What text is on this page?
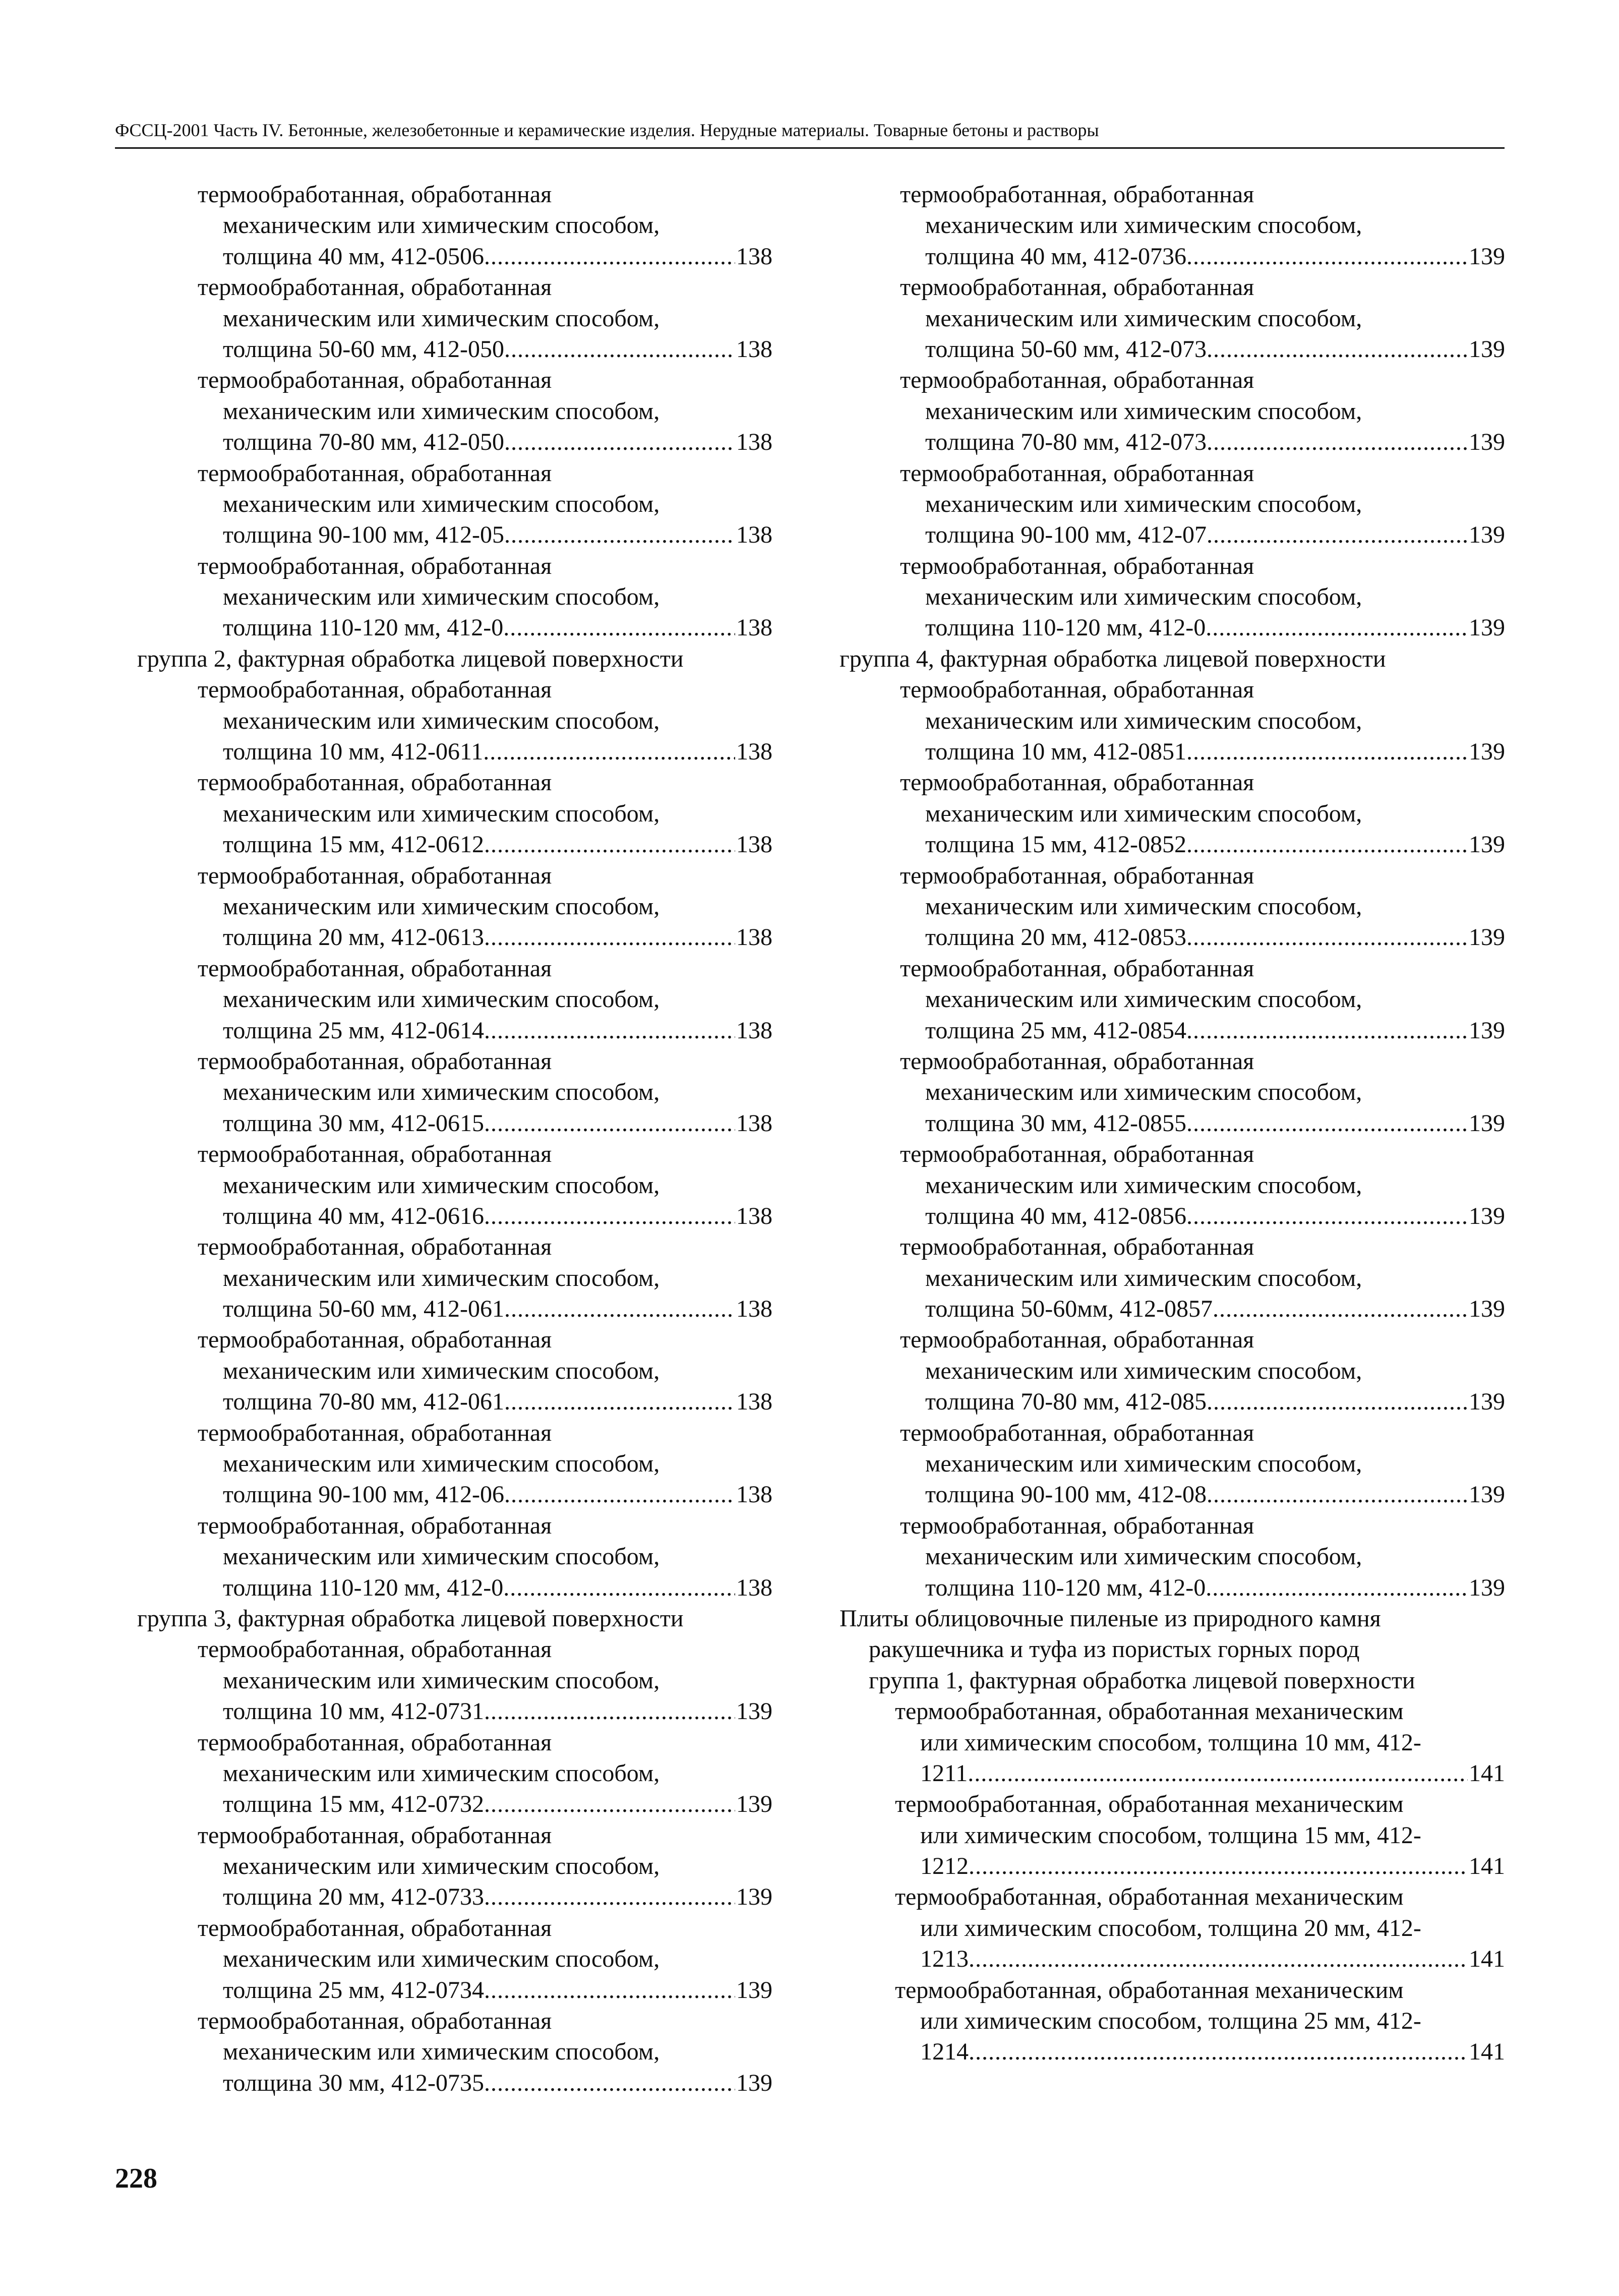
ФССЦ-2001 Часть IV. Бетонные, железобетонные и керамические изделия. Нерудные материалы. Товарные бетоны и растворы
термообработанная, обработанная
механическим или химическим способом,
толщина 40 мм, 412-0506 .....	138
термообработанная, обработанная
механическим или химическим способом,
толщина 50-60 мм, 412-050 .....	138
термообработанная, обработанная
механическим или химическим способом,
толщина 70-80 мм, 412-050 .....	138
термообработанная, обработанная
механическим или химическим способом,
толщина 90-100 мм, 412-05 .....	138
термообработанная, обработанная
механическим или химическим способом,
толщина 110-120 мм, 412-0 .....	138
группа 2, фактурная обработка лицевой поверхности
термообработанная, обработанная
механическим или химическим способом,
толщина 10 мм, 412-0611 .....	138
термообработанная, обработанная
механическим или химическим способом,
толщина 15 мм, 412-0612 .....	138
термообработанная, обработанная
механическим или химическим способом,
толщина 20 мм, 412-0613 .....	138
термообработанная, обработанная
механическим или химическим способом,
толщина 25 мм, 412-0614 .....	138
термообработанная, обработанная
механическим или химическим способом,
толщина 30 мм, 412-0615 .....	138
термообработанная, обработанная
механическим или химическим способом,
толщина 40 мм, 412-0616 .....	138
термообработанная, обработанная
механическим или химическим способом,
толщина 50-60 мм, 412-061 .....	138
термообработанная, обработанная
механическим или химическим способом,
толщина 70-80 мм, 412-061 .....	138
термообработанная, обработанная
механическим или химическим способом,
толщина 90-100 мм, 412-06 .....	138
термообработанная, обработанная
механическим или химическим способом,
толщина 110-120 мм, 412-0 .....	138
группа 3, фактурная обработка лицевой поверхности
термообработанная, обработанная
механическим или химическим способом,
толщина 10 мм, 412-0731 .....	139
термообработанная, обработанная
механическим или химическим способом,
толщина 15 мм, 412-0732 .....	139
термообработанная, обработанная
механическим или химическим способом,
толщина 20 мм, 412-0733 .....	139
термообработанная, обработанная
механическим или химическим способом,
толщина 25 мм, 412-0734 .....	139
термообработанная, обработанная
механическим или химическим способом,
толщина 30 мм, 412-0735 .....	139
термообработанная, обработанная
механическим или химическим способом,
толщина 40 мм, 412-0736 .....	139
термообработанная, обработанная
механическим или химическим способом,
толщина 50-60 мм, 412-073 .....	139
термообработанная, обработанная
механическим или химическим способом,
толщина 70-80 мм, 412-073 .....	139
термообработанная, обработанная
механическим или химическим способом,
толщина 90-100 мм, 412-07 .....	139
термообработанная, обработанная
механическим или химическим способом,
толщина 110-120 мм, 412-0 .....	139
группа 4, фактурная обработка лицевой поверхности
термообработанная, обработанная
механическим или химическим способом,
толщина 10 мм, 412-0851 .....	139
термообработанная, обработанная
механическим или химическим способом,
толщина 15 мм, 412-0852 .....	139
термообработанная, обработанная
механическим или химическим способом,
толщина 20 мм, 412-0853 .....	139
термообработанная, обработанная
механическим или химическим способом,
толщина 25 мм, 412-0854 .....	139
термообработанная, обработанная
механическим или химическим способом,
толщина 30 мм, 412-0855 .....	139
термообработанная, обработанная
механическим или химическим способом,
толщина 40 мм, 412-0856 .....	139
термообработанная, обработанная
механическим или химическим способом,
толщина 50-60мм, 412-0857 .....	139
термообработанная, обработанная
механическим или химическим способом,
толщина 70-80 мм, 412-085 .....	139
термообработанная, обработанная
механическим или химическим способом,
толщина 90-100 мм, 412-08 .....	139
термообработанная, обработанная
механическим или химическим способом,
толщина 110-120 мм, 412-0 .....	139
Плиты облицовочные пиленые из природного камня
ракушечника и туфа из пористых горных пород
группа 1, фактурная обработка лицевой поверхности
термообработанная, обработанная механическим
или химическим способом, толщина 10 мм, 412-
1211 .....	141
термообработанная, обработанная механическим
или химическим способом, толщина 15 мм, 412-
1212 .....	141
термообработанная, обработанная механическим
или химическим способом, толщина 20 мм, 412-
1213 .....	141
термообработанная, обработанная механическим
или химическим способом, толщина 25 мм, 412-
1214 .....	141
228
